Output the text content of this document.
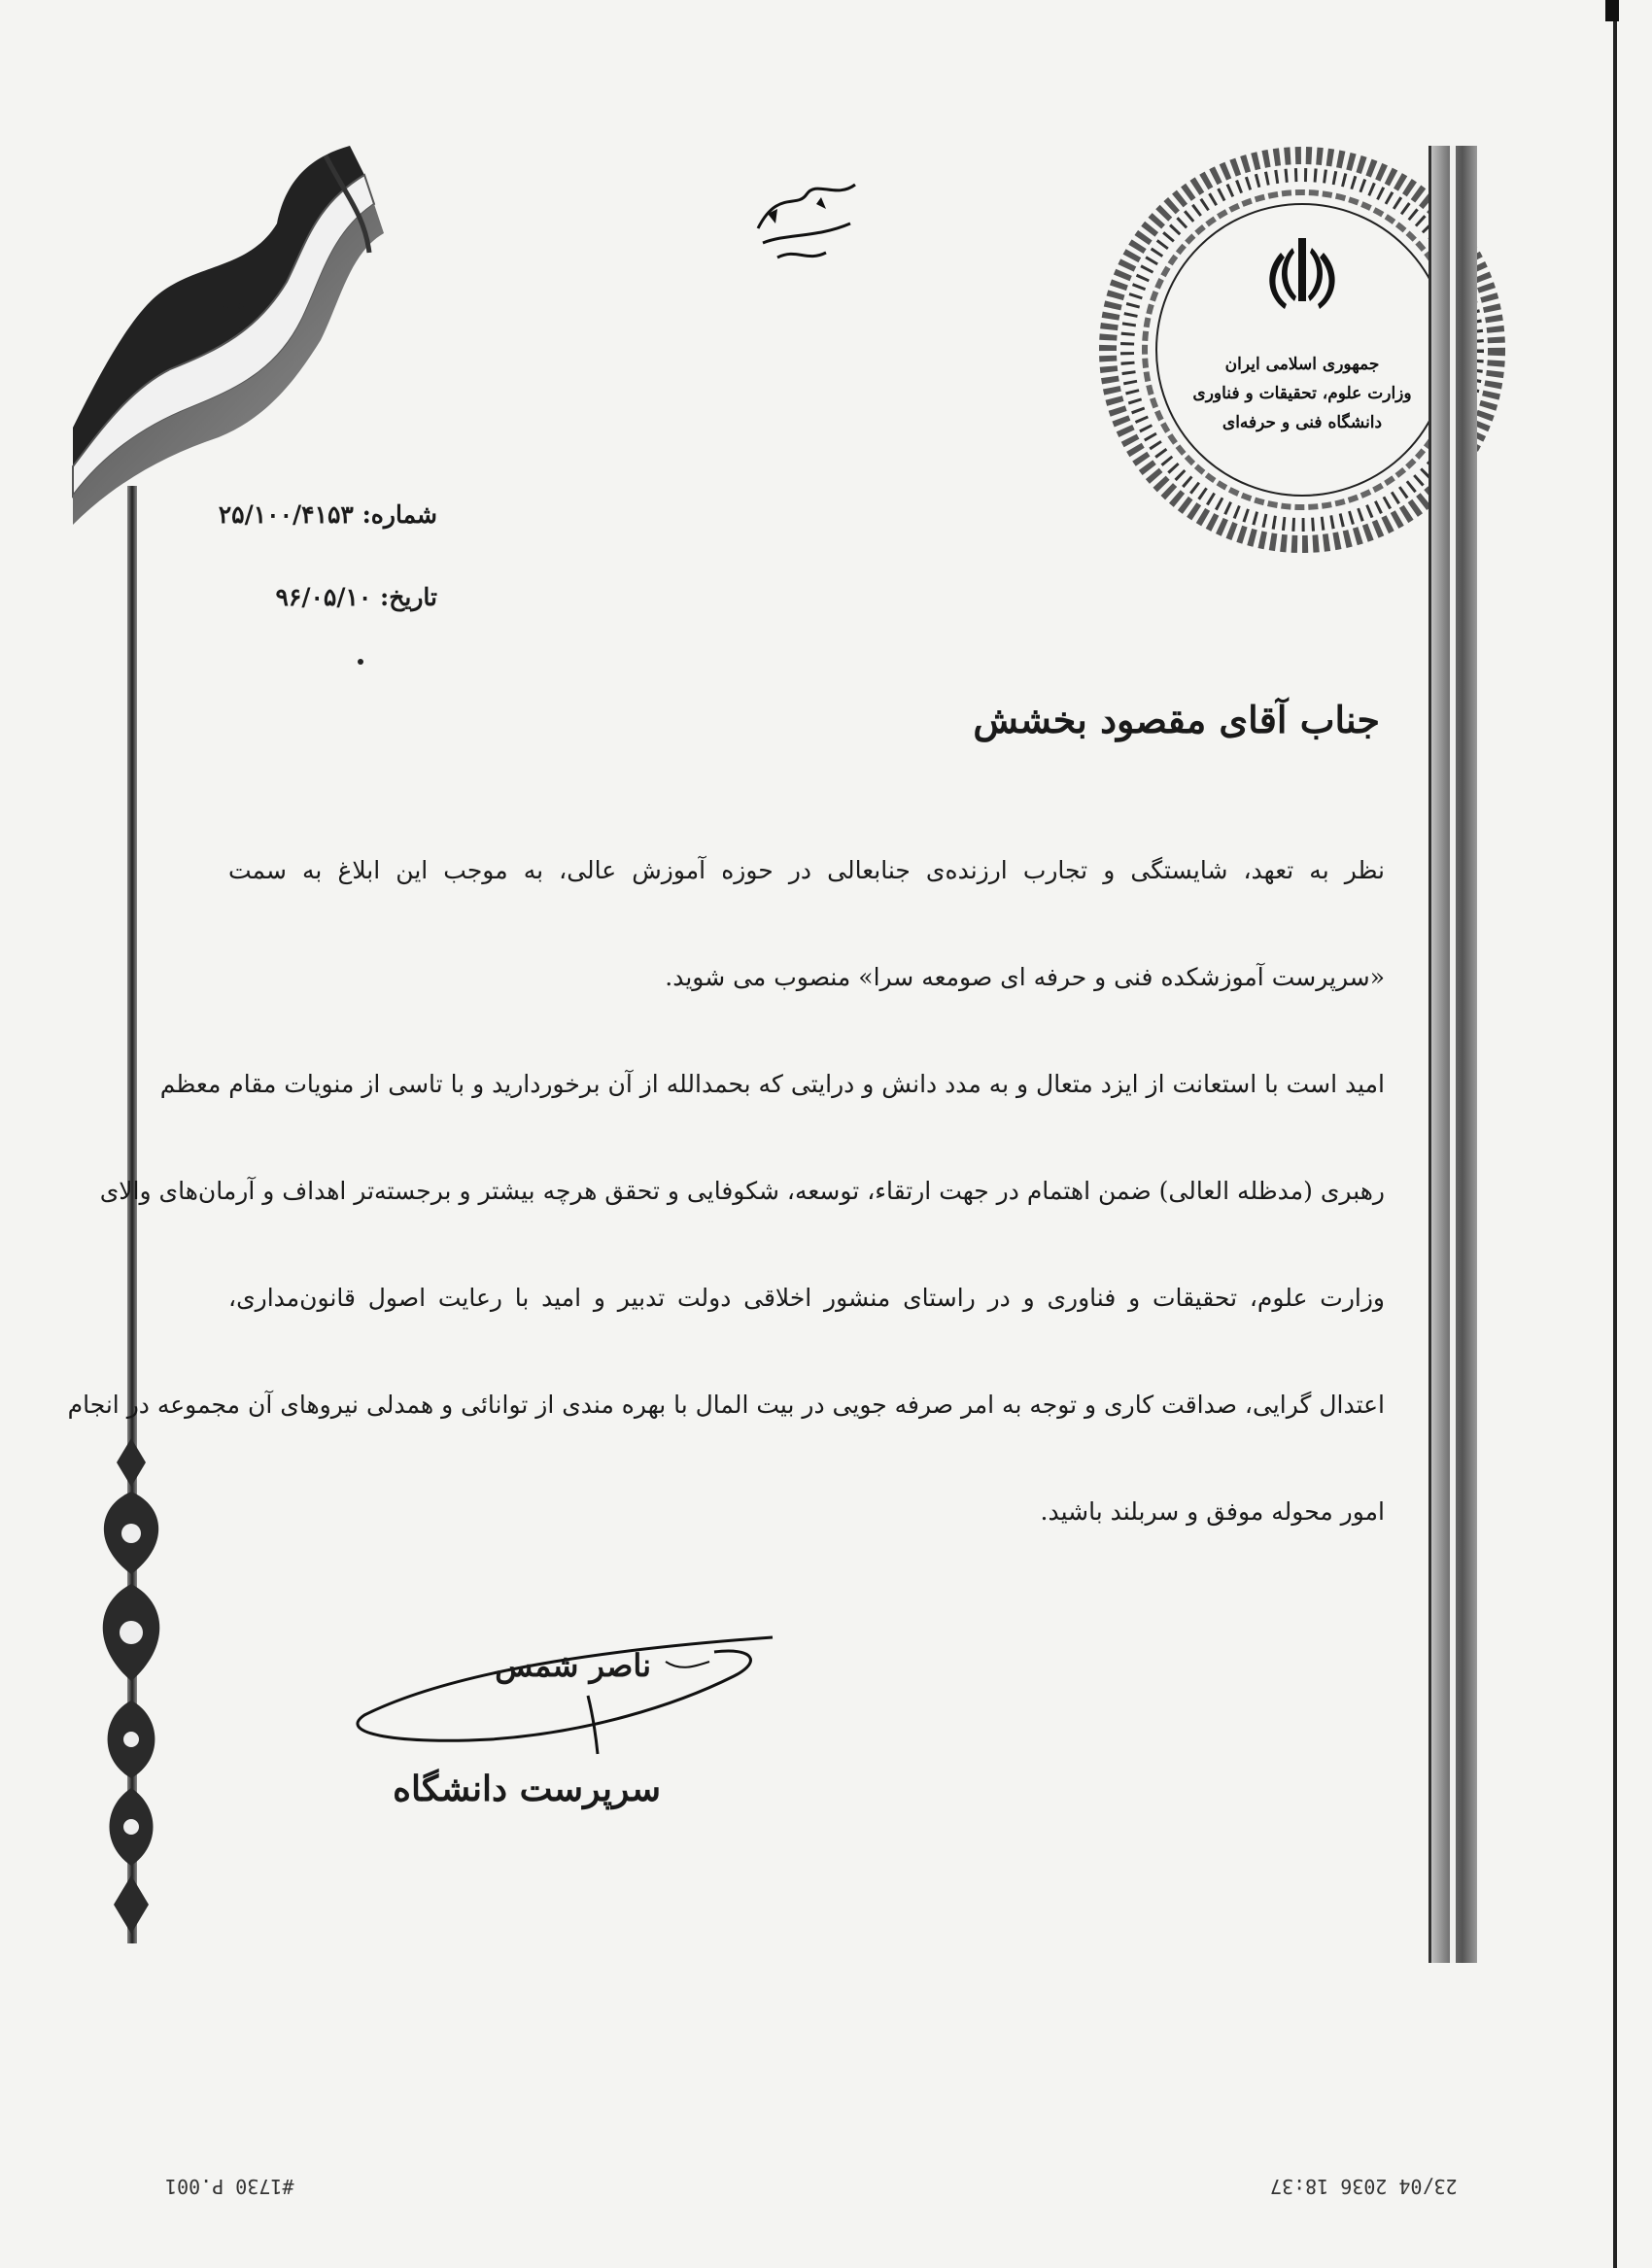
جمهوری اسلامی ایران
وزارت علوم، تحقیقات و فناوری
دانشگاه فنی و حرفه‌ای
شماره: ۲۵/۱۰۰/۴۱۵۳
تاریخ: ۹۶/۰۵/۱۰
جناب آقای مقصود بخشش
نظر به تعهد، شایستگی و تجارب ارزنده‌ی جنابعالی در حوزه آموزش عالی، به موجب این ابلاغ به سمت
«سرپرست آموزشکده فنی و حرفه ای صومعه سرا» منصوب می شوید.
امید است با استعانت از ایزد متعال و به مدد دانش و درایتی که بحمدالله از آن برخوردارید و با تاسی از منویات مقام معظم
رهبری (مدظله العالی) ضمن اهتمام در جهت ارتقاء، توسعه، شکوفایی و تحقق هرچه بیشتر و برجسته‌تر اهداف و آرمان‌های والای
وزارت علوم، تحقیقات و فناوری و در راستای منشور اخلاقی دولت تدبیر و امید با رعایت اصول قانون‌مداری،
اعتدال گرایی، صداقت کاری و توجه به امر صرفه جویی در بیت المال با بهره مندی از توانائی و همدلی نیروهای آن مجموعه در انجام
امور محوله موفق و سربلند باشید.
ناصر شمس
سرپرست دانشگاه
#1730 P.001	23/04 2036 18:37
